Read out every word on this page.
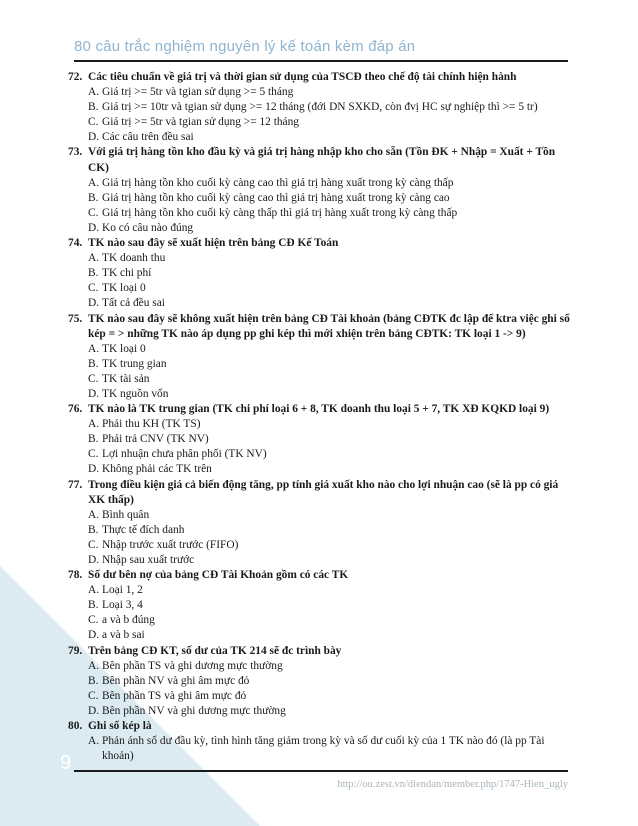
9
80 câu trắc nghiệm nguyên lý kế toán kèm đáp án
72. Các tiêu chuẩn về giá trị và thời gian sử dụng của TSCĐ theo chế độ tài chính hiện hành
A. Giá trị >= 5tr và tgian sử dụng >= 5 tháng
B. Giá trị >= 10tr và tgian sử dụng >= 12 tháng (đới DN SXKD, còn đvị HC sự nghiệp thì >= 5 tr)
C. Giá trị >= 5tr và tgian sử dụng >= 12 tháng
D. Các câu trên đều sai
73. Với giá trị hàng tồn kho đầu kỳ và giá trị hàng nhập kho cho sẵn (Tồn ĐK + Nhập = Xuất + Tồn CK)
A. Giá trị hàng tồn kho cuối kỳ càng cao thì giá trị hàng xuất trong kỳ càng thấp
B. Giá trị hàng tồn kho cuối kỳ càng cao thì giá trị hàng xuất trong kỳ càng cao
C. Giá trị hàng tồn kho cuối kỳ càng thấp thì giá trị hàng xuất trong kỳ càng thấp
D. Ko có câu nào đúng
74. TK nào sau đây sẽ xuất hiện trên bảng CĐ Kế Toán
A. TK doanh thu
B. TK chi phí
C. TK loại 0
D. Tất cả đều sai
75. TK nào sau đây sẽ không xuất hiện trên bảng CĐ Tài khoản (bảng CĐTK đc lập để ktra việc ghi sổ kép = > những TK nào áp dụng pp ghi kép thì mới xhiện trên bảng CĐTK: TK loại 1 -> 9)
A. TK loại 0
B. TK trung gian
C. TK tài sản
D. TK nguồn vốn
76. TK nào là TK trung gian (TK chi phí loại 6 + 8, TK doanh thu loại 5 + 7, TK XĐ KQKD loại 9)
A. Phải thu KH (TK TS)
B. Phải trả CNV (TK NV)
C. Lợi nhuận chưa phân phối (TK NV)
D. Không phải các TK trên
77. Trong điều kiện giá cả biến động tăng, pp tính giá xuất kho nào cho lợi nhuận cao (sẽ là pp có giá XK thấp)
A. Bình quân
B. Thực tế đích danh
C. Nhập trước xuất trước (FIFO)
D. Nhập sau xuất trước
78. Số dư bên nợ của bảng CĐ Tài Khoản gồm có các TK
A. Loại 1, 2
B. Loại 3, 4
C. a và b đúng
D. a và b sai
79. Trên bảng CĐ KT, số dư của TK 214 sẽ đc trình bày
A. Bên phần TS và ghi dương mực thường
B. Bên phần NV và ghi âm mực đỏ
C. Bên phần TS và ghi âm mực đỏ
D. Bên phần NV và ghi dương mực thường
80. Ghi sổ kép là
A. Phản ánh số dư đầu kỳ, tình hình tăng giảm trong kỳ và số dư cuối kỳ của 1 TK nào đó (là pp Tài khoản)
http://ou.zest.vn/diendan/member.php/1747-Hien_ugly
